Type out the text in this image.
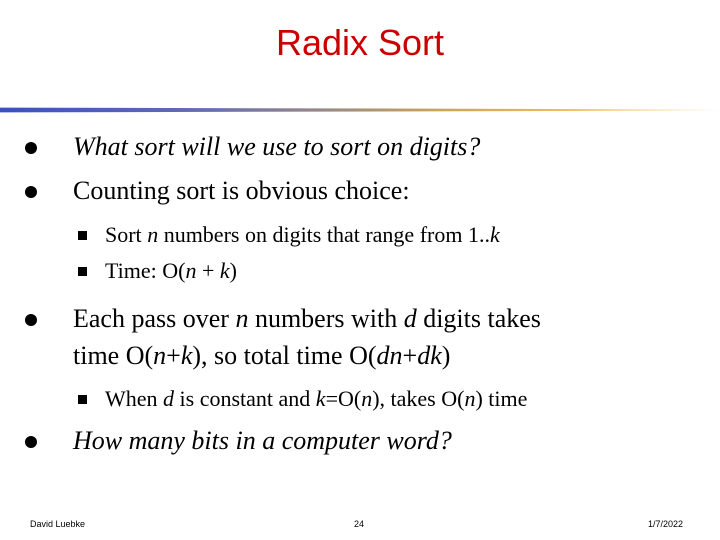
Radix Sort
What sort will we use to sort on digits?
Counting sort is obvious choice:
Sort n numbers on digits that range from 1..k
Time: O(n + k)
Each pass over n numbers with d digits takes
time O(n+k), so total time O(dn+dk)
When d is constant and k=O(n), takes O(n) time
How many bits in a computer word?
David Luebke	24	1/7/2022
